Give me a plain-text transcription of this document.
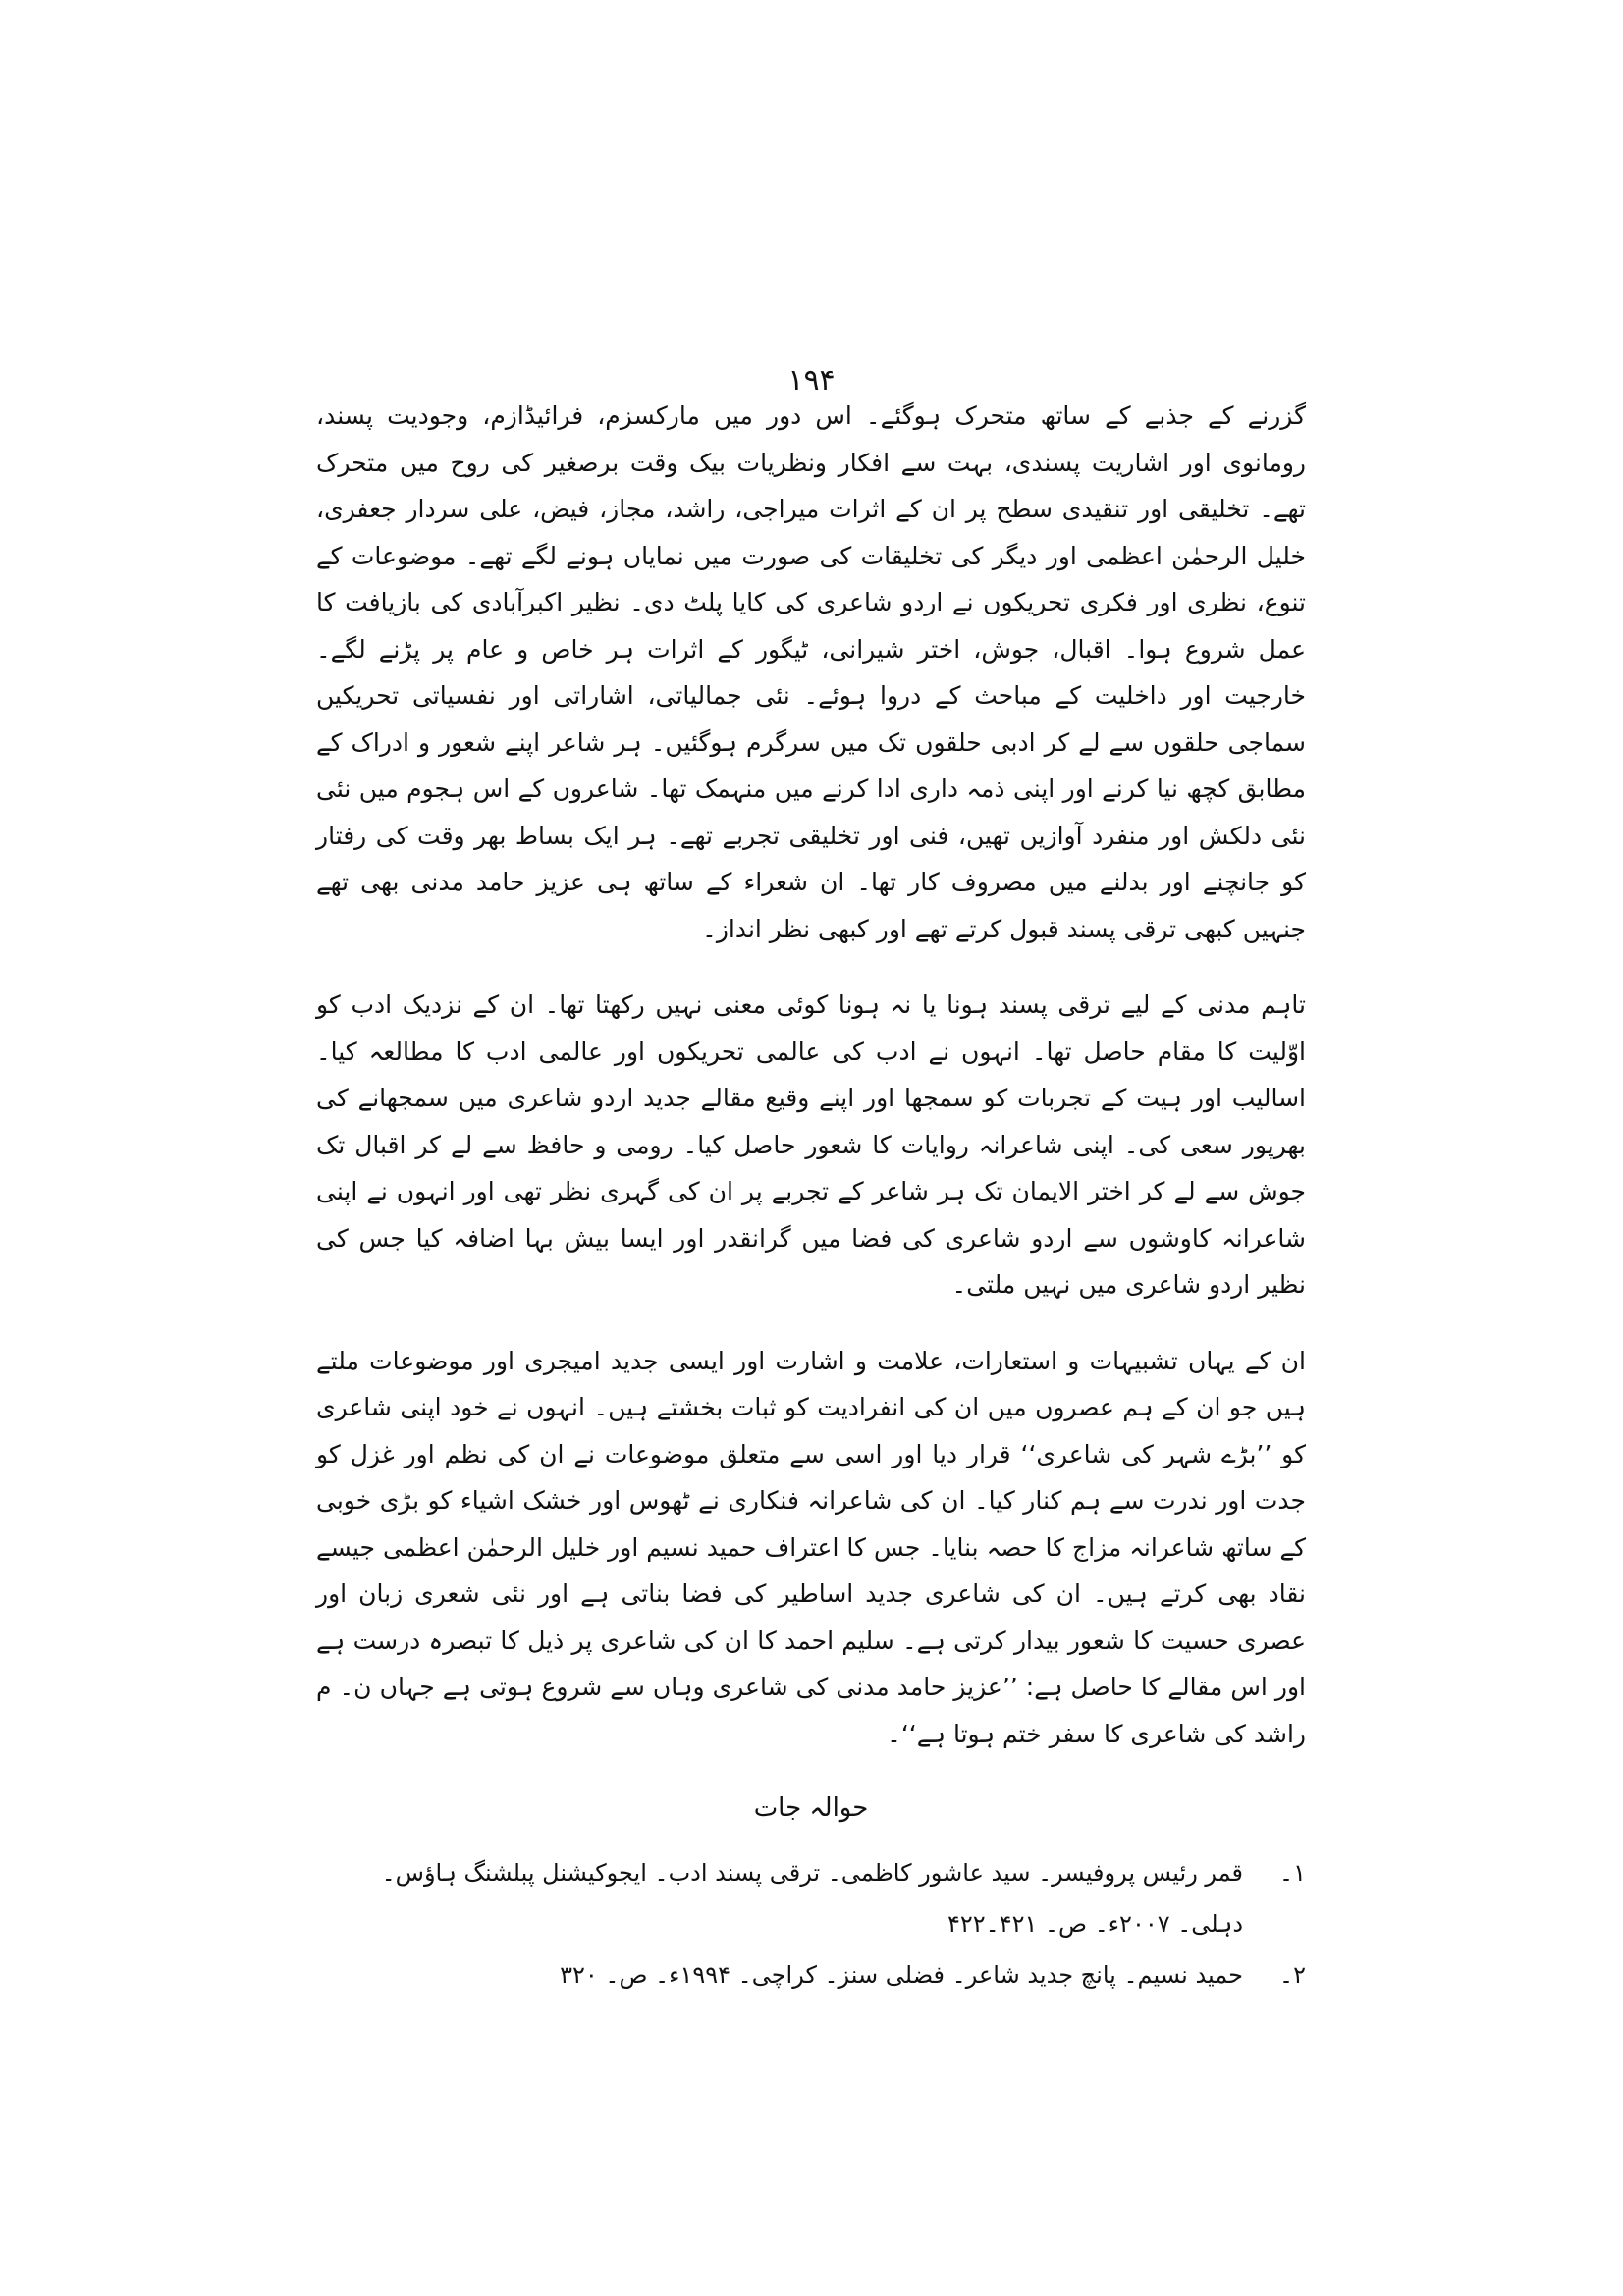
۱۹۴

گزرنے کے جذبے کے ساتھ متحرک ہوگئے۔ اس دور میں مارکسزم، فرائیڈازم، وجودیت پسند، رومانوی اور اشاریت پسندی، بہت سے افکار ونظریات بیک وقت برصغیر کی روح میں متحرک تھے۔ تخلیقی اور تنقیدی سطح پر ان کے اثرات میراجی، راشد، مجاز، فیض، علی سردار جعفری، خلیل الرحمٰن اعظمی اور دیگر کی تخلیقات کی صورت میں نمایاں ہونے لگے تھے۔ موضوعات کے تنوع، نظری اور فکری تحریکوں نے اردو شاعری کی کایا پلٹ دی۔ نظیر اکبرآبادی کی بازیافت کا عمل شروع ہوا۔ اقبال، جوش، اختر شیرانی، ٹیگور کے اثرات ہر خاص و عام پر پڑنے لگے۔ خارجیت اور داخلیت کے مباحث کے دروا ہوئے۔ نئی جمالیاتی، اشاراتی اور نفسیاتی تحریکیں سماجی حلقوں سے لے کر ادبی حلقوں تک میں سرگرم ہوگئیں۔ ہر شاعر اپنے شعور و ادراک کے مطابق کچھ نیا کرنے اور اپنی ذمہ داری ادا کرنے میں منہمک تھا۔ شاعروں کے اس ہجوم میں نئی نئی دلکش اور منفرد آوازیں تھیں، فنی اور تخلیقی تجربے تھے۔ ہر ایک بساط بھر وقت کی رفتار کو جانچنے اور بدلنے میں مصروف کار تھا۔ ان شعراء کے ساتھ ہی عزیز حامد مدنی بھی تھے جنہیں کبھی ترقی پسند قبول کرتے تھے اور کبھی نظر انداز۔

تاہم مدنی کے لیے ترقی پسند ہونا یا نہ ہونا کوئی معنی نہیں رکھتا تھا۔ ان کے نزدیک ادب کو اوّلیت کا مقام حاصل تھا۔ انہوں نے ادب کی عالمی تحریکوں اور عالمی ادب کا مطالعہ کیا۔ اسالیب اور ہیت کے تجربات کو سمجھا اور اپنے وقیع مقالے جدید اردو شاعری میں سمجھانے کی بھرپور سعی کی۔ اپنی شاعرانہ روایات کا شعور حاصل کیا۔ رومی و حافظ سے لے کر اقبال تک جوش سے لے کر اختر الایمان تک ہر شاعر کے تجربے پر ان کی گہری نظر تھی اور انہوں نے اپنی شاعرانہ کاوشوں سے اردو شاعری کی فضا میں گرانقدر اور ایسا بیش بہا اضافہ کیا جس کی نظیر اردو شاعری میں نہیں ملتی۔

ان کے یہاں تشبیہات و استعارات، علامت و اشارت اور ایسی جدید امیجری اور موضوعات ملتے ہیں جو ان کے ہم عصروں میں ان کی انفرادیت کو ثبات بخشتے ہیں۔ انہوں نے خود اپنی شاعری کو ’’بڑے شہر کی شاعری‘‘ قرار دیا اور اسی سے متعلق موضوعات نے ان کی نظم اور غزل کو جدت اور ندرت سے ہم کنار کیا۔ ان کی شاعرانہ فنکاری نے ٹھوس اور خشک اشیاء کو بڑی خوبی کے ساتھ شاعرانہ مزاج کا حصہ بنایا۔ جس کا اعتراف حمید نسیم اور خلیل الرحمٰن اعظمی جیسے نقاد بھی کرتے ہیں۔ ان کی شاعری جدید اساطیر کی فضا بناتی ہے اور نئی شعری زبان اور عصری حسیت کا شعور بیدار کرتی ہے۔ سلیم احمد کا ان کی شاعری پر ذیل کا تبصرہ درست ہے اور اس مقالے کا حاصل ہے: ’’عزیز حامد مدنی کی شاعری وہاں سے شروع ہوتی ہے جہاں ن۔ م راشد کی شاعری کا سفر ختم ہوتا ہے‘‘۔

حوالہ جات
۱۔
قمر رئیس پروفیسر۔ سید عاشور کاظمی۔ ترقی پسند ادب۔ ایجوکیشنل پبلشنگ ہاؤس۔ دہلی۔ ۲۰۰۷ء۔ ص۔ ۴۲۱۔۴۲۲
۲۔
حمید نسیم۔ پانچ جدید شاعر۔ فضلی سنز۔ کراچی۔ ۱۹۹۴ء۔ ص۔ ۳۲۰
